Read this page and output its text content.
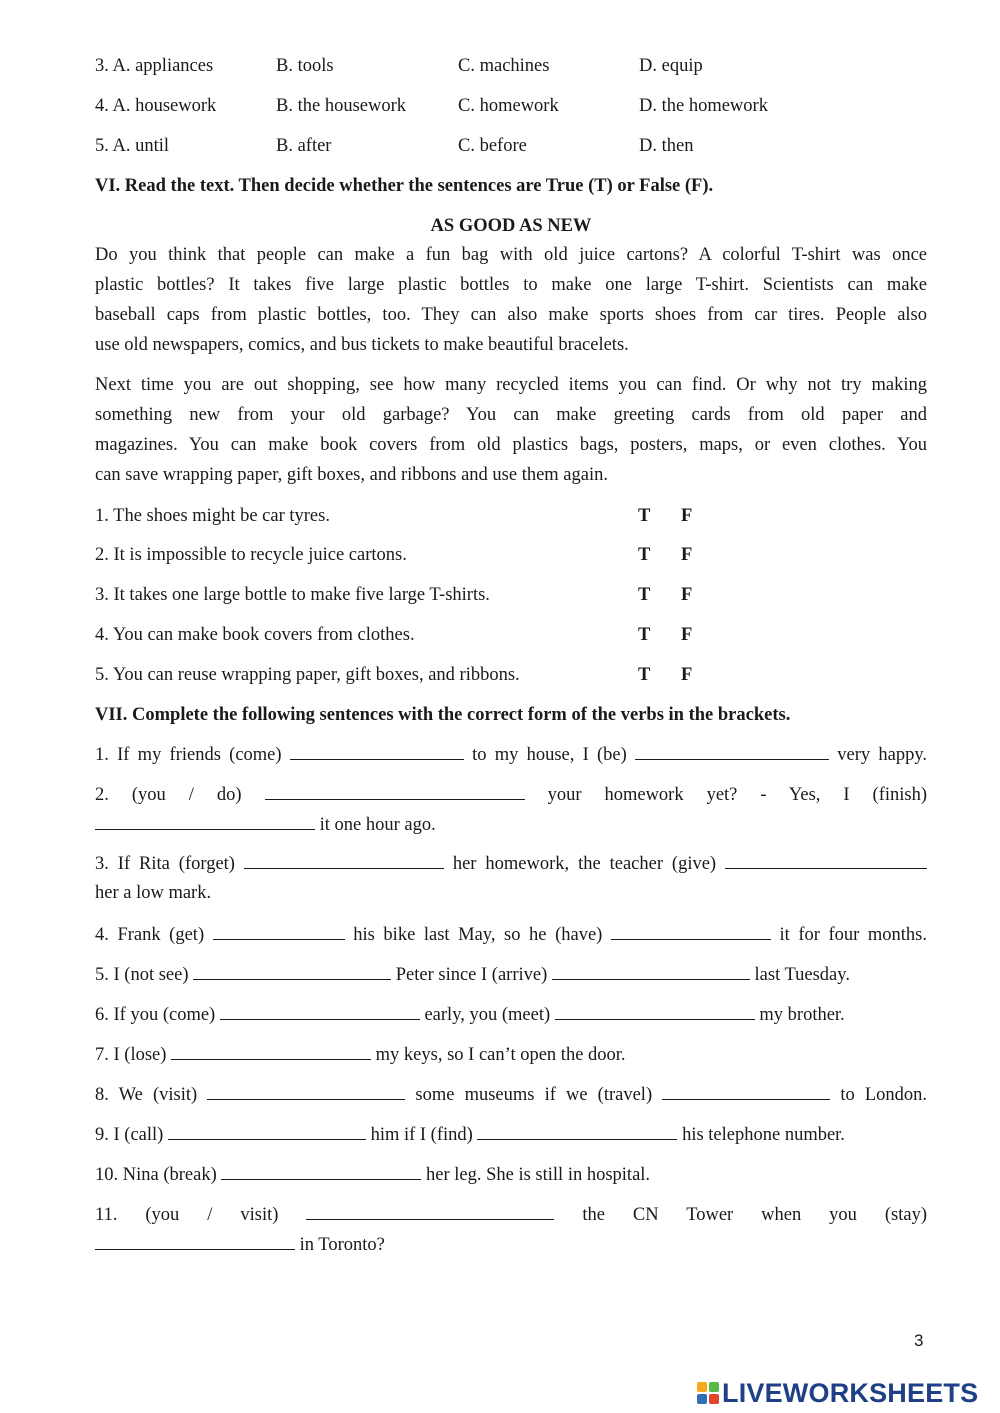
3. A. appliances	B. tools	C. machines	D. equip
4. A. housework	B. the housework	C. homework	D. the homework
5. A. until	B. after	C. before	D. then
VI. Read the text. Then decide whether the sentences are True (T) or False (F).
AS GOOD AS NEW
Do you think that people can make a fun bag with old juice cartons? A colorful T-shirt was once
plastic bottles? It takes five large plastic bottles to make one large T-shirt. Scientists can make
baseball caps from plastic bottles, too. They can also make sports shoes from car tires. People also
use old newspapers, comics, and bus tickets to make beautiful bracelets.
Next time you are out shopping, see how many recycled items you can find. Or why not try making
something new from your old garbage? You can make greeting cards from old paper and
magazines. You can make book covers from old plastics bags, posters, maps, or even clothes. You
can save wrapping paper, gift boxes, and ribbons and use them again.
1. The shoes might be car tyres.	T F
2. It is impossible to recycle juice cartons.	T F
3. It takes one large bottle to make five large T-shirts.	T F
4. You can make book covers from clothes.	T F
5. You can reuse wrapping paper, gift boxes, and ribbons.	T F
VII. Complete the following sentences with the correct form of the verbs in the brackets.
1. If my friends (come)	to my house, I (be)	very happy.
2. (you / do)	your homework yet? - Yes, I (finish)
it one hour ago.
3. If Rita (forget)	her homework, the teacher (give)
her a low mark.
4. Frank (get)	his bike last May, so he (have)	it for four months.
5. I (not see)	Peter since I (arrive)	last Tuesday.
6. If you (come)	early, you (meet)	my brother.
7. I (lose)	my keys, so I can’t open the door.
8. We (visit)	some museums if we (travel)	to London.
9. I (call)	him if I (find)	his telephone number.
10. Nina (break)	her leg. She is still in hospital.
11. (you / visit)	the CN Tower when you (stay)
in Toronto?
3
LIVEWORKSHEETS
